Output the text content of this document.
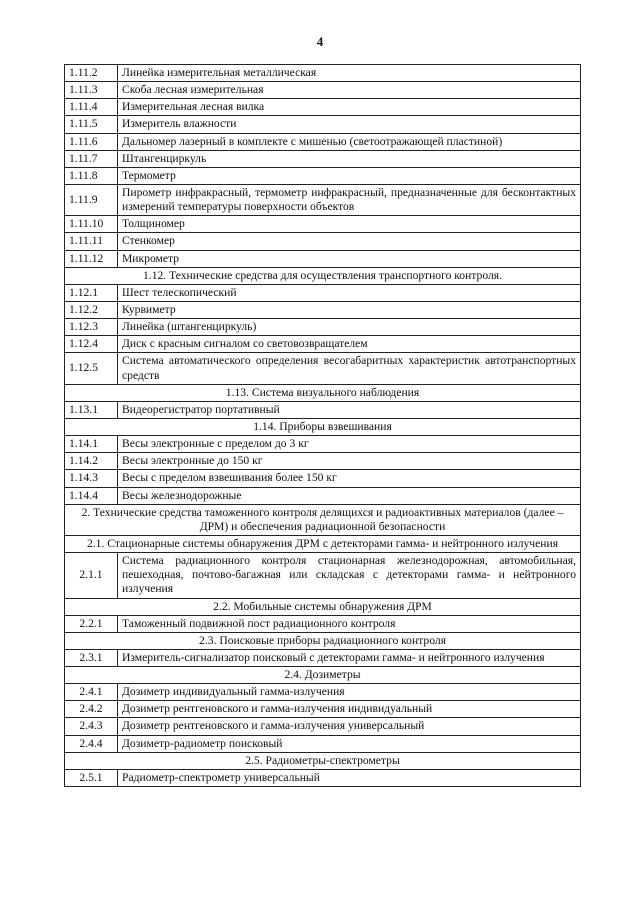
4
1.11.2	Линейка измерительная металлическая
1.11.3	Скоба лесная измерительная
1.11.4	Измерительная лесная вилка
1.11.5	Измеритель влажности
1.11.6	Дальномер лазерный в комплекте с мишенью (светоотражающей пластиной)
1.11.7	Штангенциркуль
1.11.8	Термометр
1.11.9	Пирометр инфракрасный, термометр инфракрасный, предназначенные для бесконтактных измерений температуры поверхности объектов
1.11.10	Толщиномер
1.11.11	Стенкомер
1.11.12	Микрометр
1.12. Технические средства для осуществления транспортного контроля.	
1.12.1	Шест телескопический
1.12.2	Курвиметр
1.12.3	Линейка (штангенциркуль)
1.12.4	Диск с красным сигналом со световозвращателем
1.12.5	Система автоматического определения весогабаритных характеристик автотранспортных средств
1.13. Система визуального наблюдения	
1.13.1	Видеорегистратор портативный
1.14. Приборы взвешивания	
1.14.1	Весы электронные с пределом до 3 кг
1.14.2	Весы электронные до 150 кг
1.14.3	Весы с пределом взвешивания более 150 кг
1.14.4	Весы железнодорожные
2. Технические средства таможенного контроля делящихся и радиоактивных материалов (далее – ДРМ) и обеспечения радиационной безопасности	
2.1. Стационарные системы обнаружения ДРМ с детекторами гамма- и нейтронного излучения	
2.1.1	Система радиационного контроля стационарная железнодорожная, автомобильная, пешеходная, почтово-багажная или складская с детекторами гамма- и нейтронного излучения
2.2. Мобильные системы обнаружения ДРМ	
2.2.1	Таможенный подвижной пост радиационного контроля
2.3. Поисковые приборы радиационного контроля	
2.3.1	Измеритель-сигнализатор поисковый с детекторами гамма- и нейтронного излучения
2.4. Дозиметры	
2.4.1	Дозиметр индивидуальный гамма-излучения
2.4.2	Дозиметр рентгеновского и гамма-излучения индивидуальный
2.4.3	Дозиметр рентгеновского и гамма-излучения универсальный
2.4.4	Дозиметр-радиометр поисковый
2.5. Радиометры-спектрометры	
2.5.1	Радиометр-спектрометр универсальный
